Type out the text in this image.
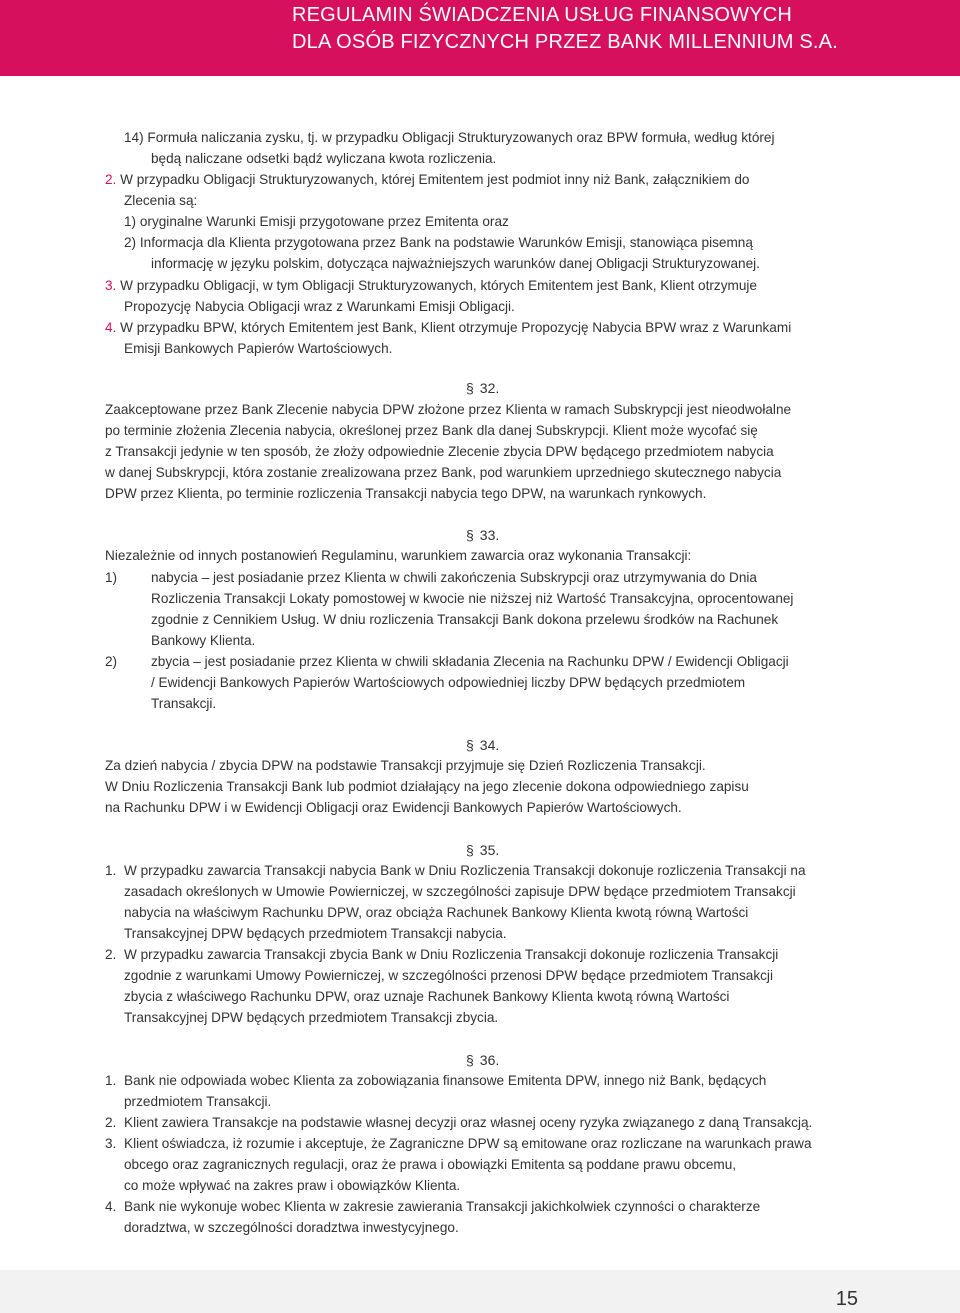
REGULAMIN ŚWIADCZENIA USŁUG FINANSOWYCH
DLA OSÓB FIZYCZNYCH PRZEZ BANK MILLENNIUM S.A.
14) Formuła naliczania zysku, tj. w przypadku Obligacji Strukturyzowanych oraz BPW formuła, według której
będą naliczane odsetki bądź wyliczana kwota rozliczenia.
2. W przypadku Obligacji Strukturyzowanych, której Emitentem jest podmiot inny niż Bank, załącznikiem do
Zlecenia są:
1) oryginalne Warunki Emisji przygotowane przez Emitenta oraz
2) Informacja dla Klienta przygotowana przez Bank na podstawie Warunków Emisji, stanowiąca pisemną
informację w języku polskim, dotycząca najważniejszych warunków danej Obligacji Strukturyzowanej.
3. W przypadku Obligacji, w tym Obligacji Strukturyzowanych, których Emitentem jest Bank, Klient otrzymuje
Propozycję Nabycia Obligacji wraz z Warunkami Emisji Obligacji.
4. W przypadku BPW, których Emitentem jest Bank, Klient otrzymuje Propozycję Nabycia BPW wraz z Warunkami
Emisji Bankowych Papierów Wartościowych.
§ 32.
Zaakceptowane przez Bank Zlecenie nabycia DPW złożone przez Klienta w ramach Subskrypcji jest nieodwołalne
po terminie złożenia Zlecenia nabycia, określonej przez Bank dla danej Subskrypcji. Klient może wycofać się
z Transakcji jedynie w ten sposób, że złoży odpowiednie Zlecenie zbycia DPW będącego przedmiotem nabycia
w danej Subskrypcji, która zostanie zrealizowana przez Bank, pod warunkiem uprzedniego skutecznego nabycia
DPW przez Klienta, po terminie rozliczenia Transakcji nabycia tego DPW, na warunkach rynkowych.
§ 33.
Niezależnie od innych postanowień Regulaminu, warunkiem zawarcia oraz wykonania Transakcji:
1) nabycia – jest posiadanie przez Klienta w chwili zakończenia Subskrypcji oraz utrzymywania do Dnia
Rozliczenia Transakcji Lokaty pomostowej w kwocie nie niższej niż Wartość Transakcyjna, oprocentowanej
zgodnie z Cennikiem Usług. W dniu rozliczenia Transakcji Bank dokona przelewu środków na Rachunek
Bankowy Klienta.
2) zbycia – jest posiadanie przez Klienta w chwili składania Zlecenia na Rachunku DPW / Ewidencji Obligacji
/ Ewidencji Bankowych Papierów Wartościowych odpowiedniej liczby DPW będących przedmiotem
Transakcji.
§ 34.
Za dzień nabycia / zbycia DPW na podstawie Transakcji przyjmuje się Dzień Rozliczenia Transakcji.
W Dniu Rozliczenia Transakcji Bank lub podmiot działający na jego zlecenie dokona odpowiedniego zapisu
na Rachunku DPW i w Ewidencji Obligacji oraz Ewidencji Bankowych Papierów Wartościowych.
§ 35.
1. W przypadku zawarcia Transakcji nabycia Bank w Dniu Rozliczenia Transakcji dokonuje rozliczenia Transakcji na
zasadach określonych w Umowie Powierniczej, w szczególności zapisuje DPW będące przedmiotem Transakcji
nabycia na właściwym Rachunku DPW, oraz obciąża Rachunek Bankowy Klienta kwotą równą Wartości
Transakcyjnej DPW będących przedmiotem Transakcji nabycia.
2. W przypadku zawarcia Transakcji zbycia Bank w Dniu Rozliczenia Transakcji dokonuje rozliczenia Transakcji
zgodnie z warunkami Umowy Powierniczej, w szczególności przenosi DPW będące przedmiotem Transakcji
zbycia z właściwego Rachunku DPW, oraz uznaje Rachunek Bankowy Klienta kwotą równą Wartości
Transakcyjnej DPW będących przedmiotem Transakcji zbycia.
§ 36.
1. Bank nie odpowiada wobec Klienta za zobowiązania finansowe Emitenta DPW, innego niż Bank, będących
przedmiotem Transakcji.
2. Klient zawiera Transakcje na podstawie własnej decyzji oraz własnej oceny ryzyka związanego z daną Transakcją.
3. Klient oświadcza, iż rozumie i akceptuje, że Zagraniczne DPW są emitowane oraz rozliczane na warunkach prawa
obcego oraz zagranicznych regulacji, oraz że prawa i obowiązki Emitenta są poddane prawu obcemu,
co może wpływać na zakres praw i obowiązków Klienta.
4. Bank nie wykonuje wobec Klienta w zakresie zawierania Transakcji jakichkolwiek czynności o charakterze
doradztwa, w szczególności doradztwa inwestycyjnego.
15
